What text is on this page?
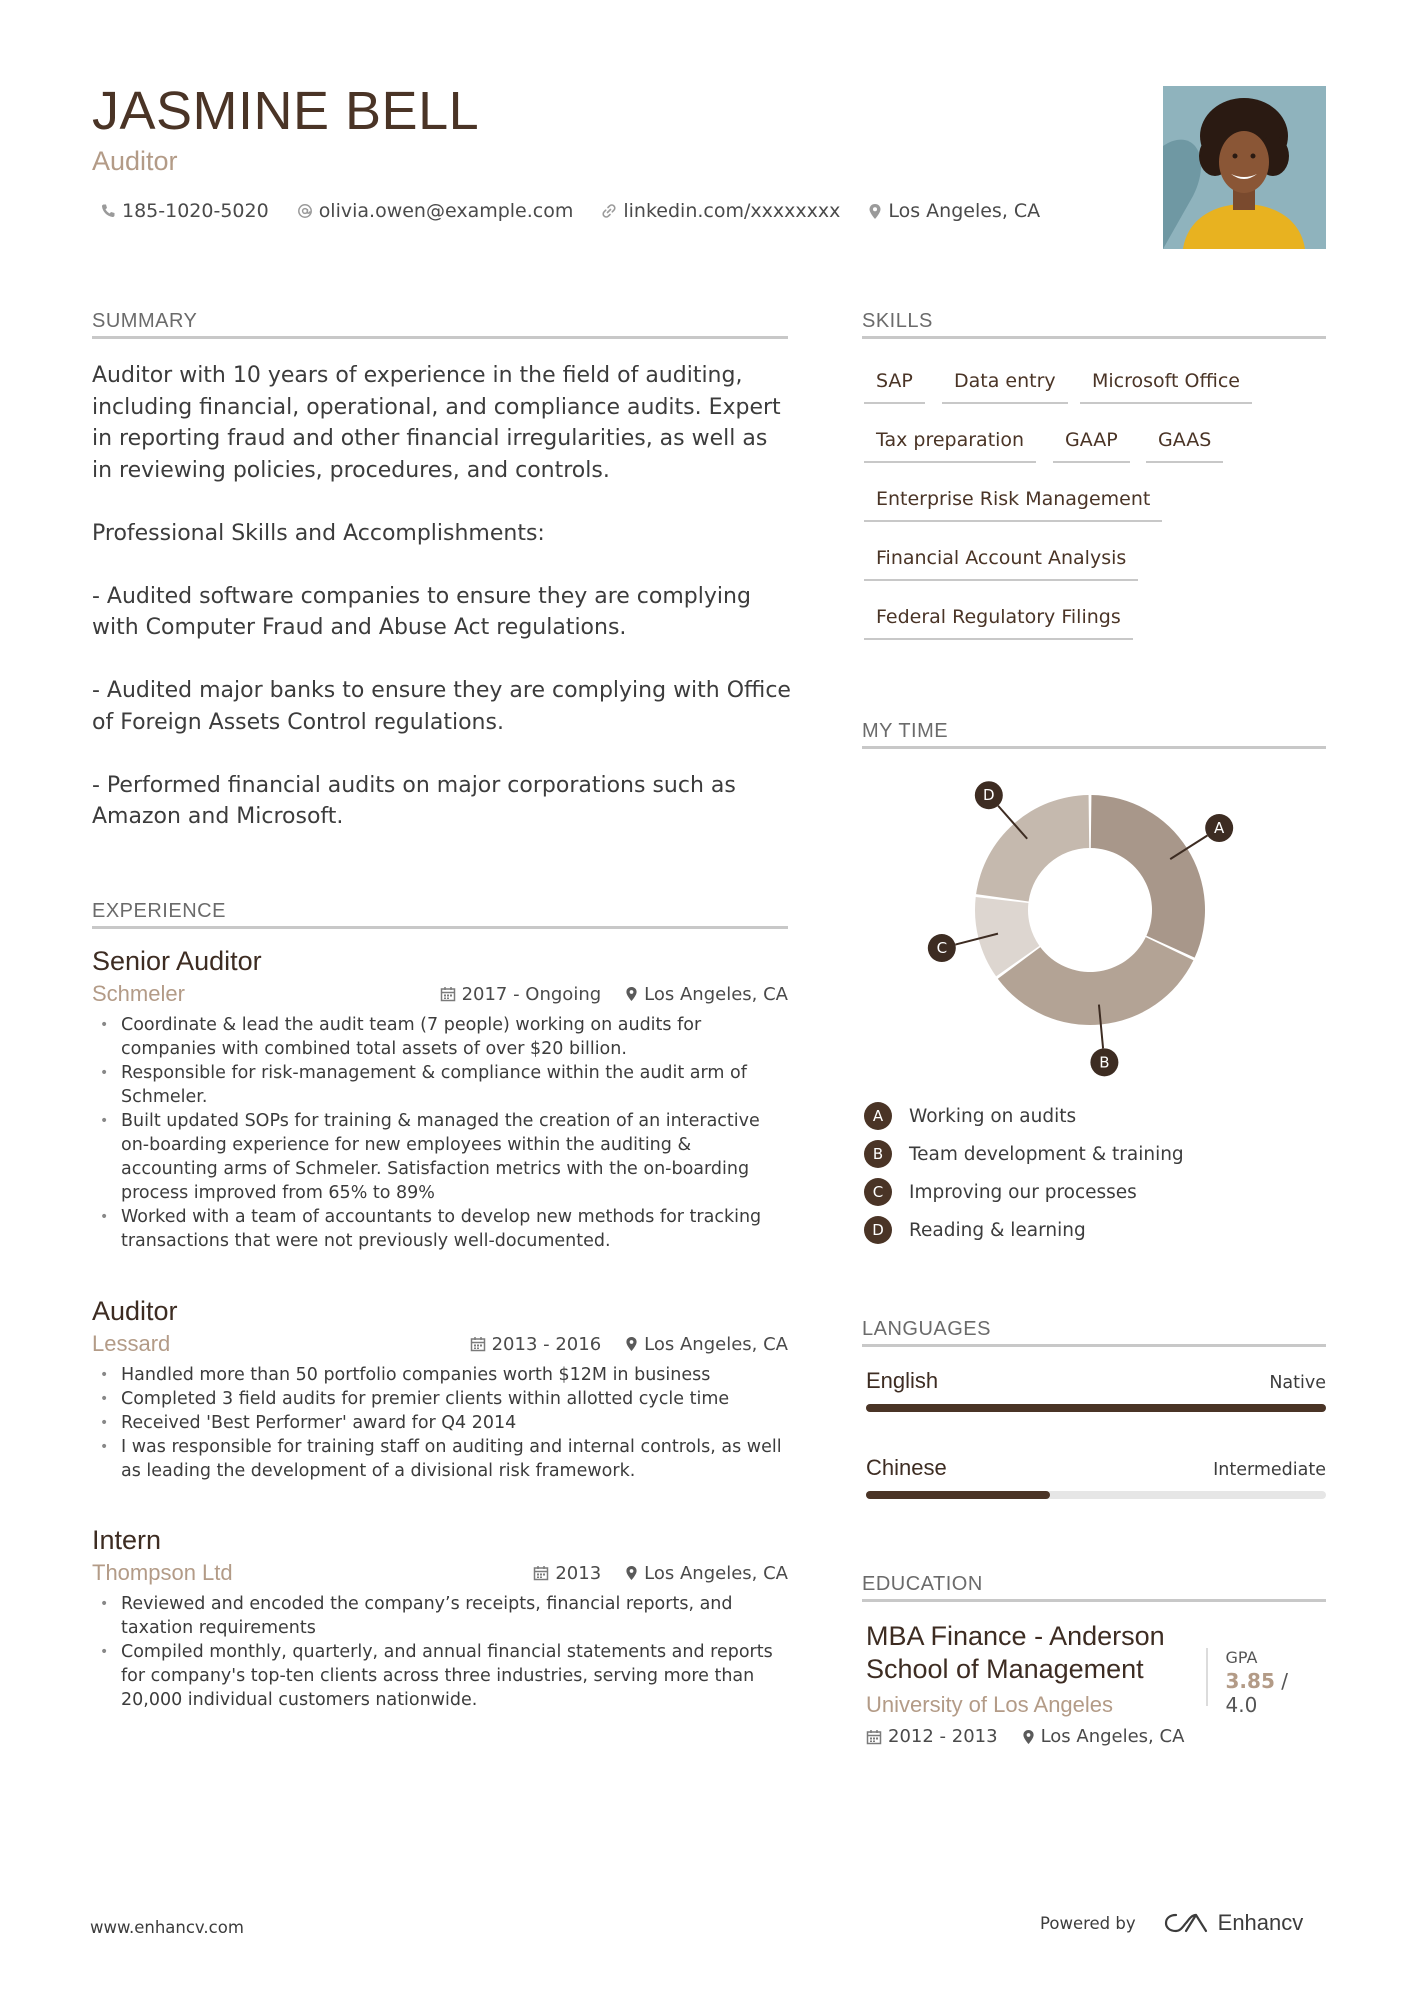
JASMINE BELL
Auditor
185-1020-5020	olivia.owen@example.com	linkedin.com/xxxxxxxx	Los Angeles, CA
SUMMARY

Auditor with 10 years of experience in the field of auditing, including financial, operational, and compliance audits. Expert in reporting fraud and other financial irregularities, as well as in reviewing policies, procedures, and controls.

Professional Skills and Accomplishments:

- Audited software companies to ensure they are complying with Computer Fraud and Abuse Act regulations.

- Audited major banks to ensure they are complying with Office of Foreign Assets Control regulations.

- Performed financial audits on major corporations such as Amazon and Microsoft.

EXPERIENCE
Senior Auditor
Schmeler	2017 - Ongoing Los Angeles, CA
• Coordinate & lead the audit team (7 people) working on audits for companies with combined total assets of over $20 billion.
• Responsible for risk-management & compliance within the audit arm of Schmeler.
• Built updated SOPs for training & managed the creation of an interactive on-boarding experience for new employees within the auditing & accounting arms of Schmeler. Satisfaction metrics with the on-boarding process improved from 65% to 89%
• Worked with a team of accountants to develop new methods for tracking transactions that were not previously well-documented.
Auditor
Lessard	2013 - 2016 Los Angeles, CA
• Handled more than 50 portfolio companies worth $12M in business
• Completed 3 field audits for premier clients within allotted cycle time
• Received 'Best Performer' award for Q4 2014
• I was responsible for training staff on auditing and internal controls, as well as leading the development of a divisional risk framework.
Intern
Thompson Ltd	2013 Los Angeles, CA
• Reviewed and encoded the company’s receipts, financial reports, and taxation requirements
• Compiled monthly, quarterly, and annual financial statements and reports for company's top-ten clients across three industries, serving more than 20,000 individual customers nationwide.
SKILLS
SAP	Data entry	Microsoft Office
Tax preparation	GAAP	GAAS
Enterprise Risk Management
Financial Account Analysis
Federal Regulatory Filings
MY TIME
A
B
C
D
A	Working on audits
B	Team development & training
C	Improving our processes
D	Reading & learning
LANGUAGES
English	Native
Chinese	Intermediate
EDUCATION
MBA Finance - Anderson School of Management
University of Los Angeles
GPA
3.85 / 4.0
2012 - 2013 Los Angeles, CA
www.enhancv.com	Powered by	Enhancv
